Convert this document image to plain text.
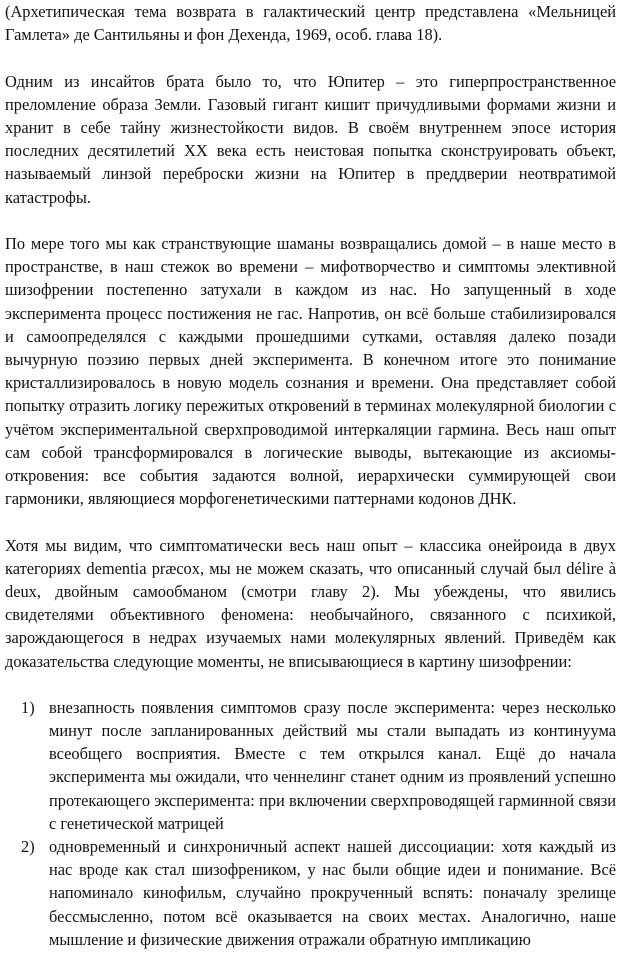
(Архетипическая тема возврата в галактический центр представлена «Мельницей Гамлета» де Сантильяны и фон Дехенда, 1969, особ. глава 18).

Одним из инсайтов брата было то, что Юпитер – это гиперпространственное преломление образа Земли. Газовый гигант кишит причудливыми формами жизни и хранит в себе тайну жизнестойкости видов. В своём внутреннем эпосе история последних десятилетий XX века есть неистовая попытка сконструировать объект, называемый линзой переброски жизни на Юпитер в преддверии неотвратимой катастрофы.

По мере того мы как странствующие шаманы возвращались домой – в наше место в пространстве, в наш стежок во времени – мифотворчество и симптомы элективной шизофрении постепенно затухали в каждом из нас. Но запущенный в ходе эксперимента процесс постижения не гас. Напротив, он всё больше стабилизировался и самоопределялся с каждыми прошедшими сутками, оставляя далеко позади вычурную поэзию первых дней эксперимента. В конечном итоге это понимание кристаллизировалось в новую модель сознания и времени. Она представляет собой попытку отразить логику пережитых откровений в терминах молекулярной биологии с учётом экспериментальной сверхпроводимой интеркаляции гармина. Весь наш опыт сам собой трансформировался в логические выводы, вытекающие из аксиомы-откровения: все события задаются волной, иерархически суммирующей свои гармоники, являющиеся морфогенетическими паттернами кодонов ДНК.

Хотя мы видим, что симптоматически весь наш опыт – классика онейроида в двух категориях dementia præcox, мы не можем сказать, что описанный случай был délire à deux, двойным самообманом (смотри главу 2). Мы убеждены, что явились свидетелями объективного феномена: необычайного, связанного с психикой, зарождающегося в недрах изучаемых нами молекулярных явлений. Приведём как доказательства следующие моменты, не вписывающиеся в картину шизофрении:

1) внезапность появления симптомов сразу после эксперимента: через несколько минут после запланированных действий мы стали выпадать из континуума всеобщего восприятия. Вместе с тем открылся канал. Ещё до начала эксперимента мы ожидали, что ченнелинг станет одним из проявлений успешно протекающего эксперимента: при включении сверхпроводящей гарминной связи с генетической матрицей
2) одновременный и синхроничный аспект нашей диссоциации: хотя каждый из нас вроде как стал шизофреником, у нас были общие идеи и понимание. Всё напоминало кинофильм, случайно прокрученный вспять: поначалу зрелище бессмысленно, потом всё оказывается на своих местах. Аналогично, наше мышление и физические движения отражали обратную импликацию
